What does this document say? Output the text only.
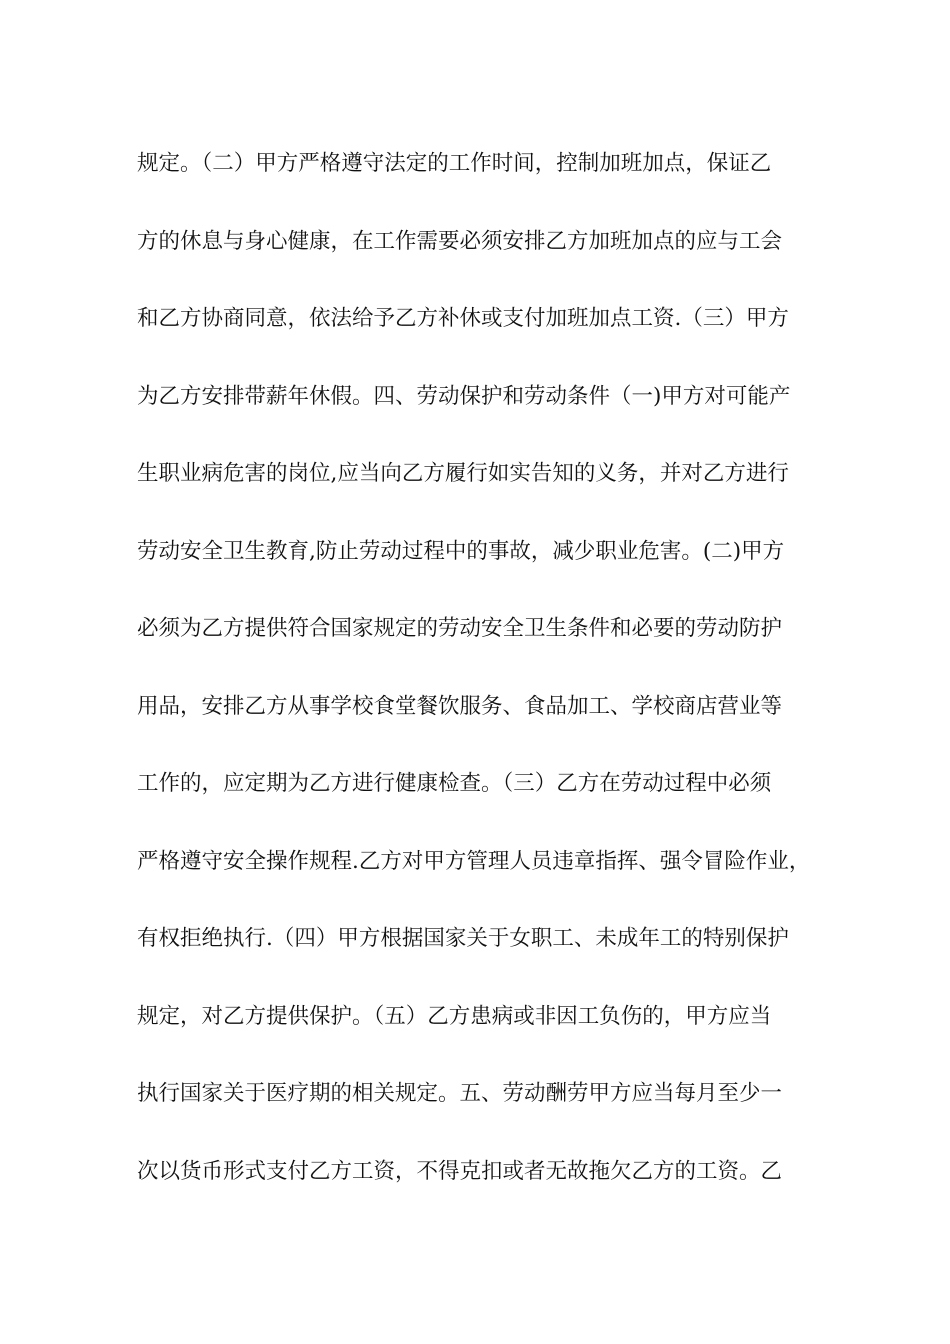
规定。（二）甲方严格遵守法定的工作时间，控制加班加点，保证乙
方的休息与身心健康，在工作需要必须安排乙方加班加点的应与工会
和乙方协商同意，依法给予乙方补休或支付加班加点工资.（三）甲方
为乙方安排带薪年休假。四、劳动保护和劳动条件（一)甲方对可能产
生职业病危害的岗位,应当向乙方履行如实告知的义务，并对乙方进行
劳动安全卫生教育,防止劳动过程中的事故，减少职业危害。(二)甲方
必须为乙方提供符合国家规定的劳动安全卫生条件和必要的劳动防护
用品，安排乙方从事学校食堂餐饮服务、食品加工、学校商店营业等
工作的，应定期为乙方进行健康检查。（三）乙方在劳动过程中必须
严格遵守安全操作规程.乙方对甲方管理人员违章指挥、强令冒险作业，
有权拒绝执行.（四）甲方根据国家关于女职工、未成年工的特别保护
规定，对乙方提供保护。（五）乙方患病或非因工负伤的，甲方应当
执行国家关于医疗期的相关规定。五、劳动酬劳甲方应当每月至少一
次以货币形式支付乙方工资，不得克扣或者无故拖欠乙方的工资。乙
